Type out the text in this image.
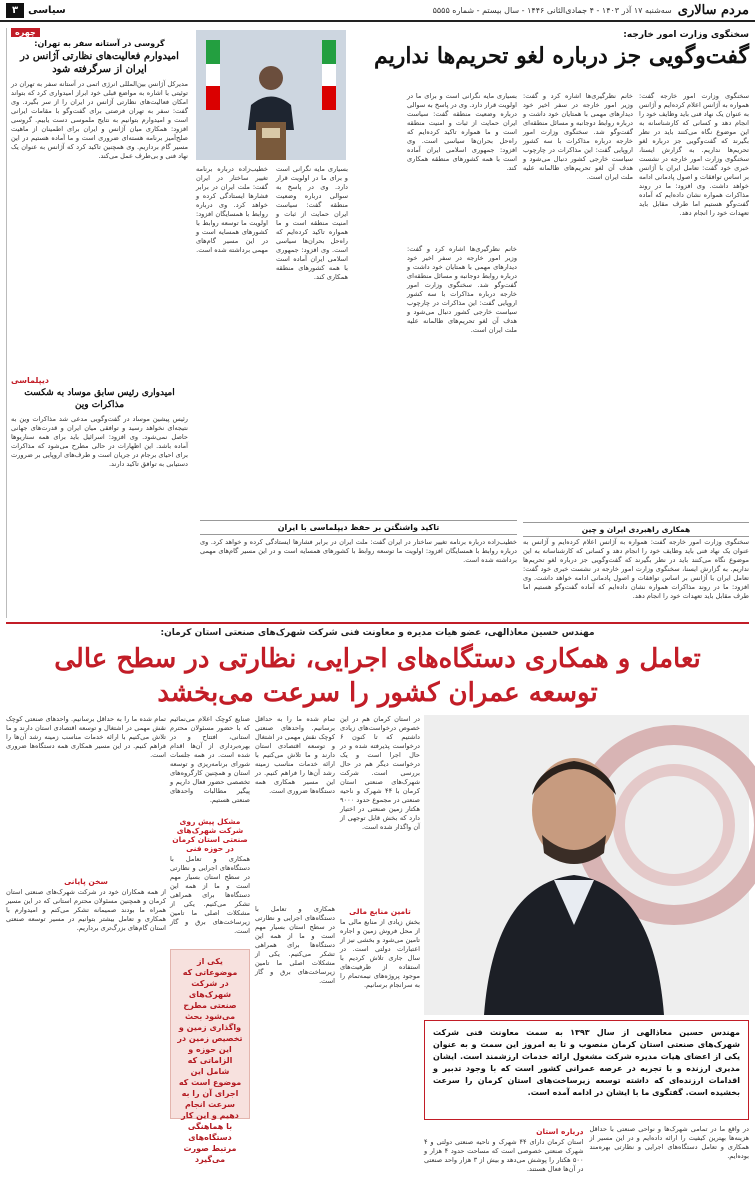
مردم سالاری
سه‌شنبه ۱۷ آذر ۱۴۰۳ - ۴ جمادی‌الثانی ۱۴۴۶ - سال بیستم - شماره ۵۵۵۵
سیاسی
۳
سخنگوی وزارت امور خارجه:
گفت‌وگویی جز درباره لغو تحریم‌ها نداریم
سخنگوی وزارت امور خارجه گفت: همواره به آژانس اعلام کرده‌ایم و آژانس به عنوان یک نهاد فنی باید وظایف خود را انجام دهد و کسانی که کارشناسانه به این موضوع نگاه می‌کنند باید در نظر بگیرند که گفت‌وگویی جز درباره لغو تحریم‌ها نداریم. به گزارش ایسنا، سخنگوی وزارت امور خارجه در نشست خبری خود گفت: تعامل ایران با آژانس بر اساس توافقات و اصول پادمانی ادامه خواهد داشت. وی افزود: ما در روند مذاکرات همواره نشان داده‌ایم که آماده گفت‌وگو هستیم اما طرف مقابل باید تعهدات خود را انجام دهد.
خانم نظرگیری‌ها اشاره کرد و گفت: وزیر امور خارجه در سفر اخیر خود دیدارهای مهمی با همتایان خود داشت و درباره روابط دوجانبه و مسائل منطقه‌ای گفت‌وگو شد. سخنگوی وزارت امور خارجه درباره مذاکرات با سه کشور اروپایی گفت: این مذاکرات در چارچوب سیاست خارجی کشور دنبال می‌شود و هدف آن لغو تحریم‌های ظالمانه علیه ملت ایران است.
بسیاری مایه نگرانی است و برای ما در اولویت قرار دارد. وی در پاسخ به سوالی درباره وضعیت منطقه گفت: سیاست ایران حمایت از ثبات و امنیت منطقه است و ما همواره تاکید کرده‌ایم که راه‌حل بحران‌ها سیاسی است. وی افزود: جمهوری اسلامی ایران آماده است با همه کشورهای منطقه همکاری کند.
خطیب‌زاده درباره برنامه تغییر ساختار در ایران گفت: ملت ایران در برابر فشارها ایستادگی کرده و خواهد کرد. وی درباره روابط با همسایگان افزود: اولویت ما توسعه روابط با کشورهای همسایه است و در این مسیر گام‌های مهمی برداشته شده است.
بسیاری مایه نگرانی است و برای ما در اولویت قرار دارد. وی در پاسخ به سوالی درباره وضعیت منطقه گفت: سیاست ایران حمایت از ثبات و امنیت منطقه است و ما همواره تاکید کرده‌ایم که راه‌حل بحران‌ها سیاسی است. وی افزود: جمهوری اسلامی ایران آماده است با همه کشورهای منطقه همکاری کند.
خانم نظرگیری‌ها اشاره کرد و گفت: وزیر امور خارجه در سفر اخیر خود دیدارهای مهمی با همتایان خود داشت و درباره روابط دوجانبه و مسائل منطقه‌ای گفت‌وگو شد. سخنگوی وزارت امور خارجه درباره مذاکرات با سه کشور اروپایی گفت: این مذاکرات در چارچوب سیاست خارجی کشور دنبال می‌شود و هدف آن لغو تحریم‌های ظالمانه علیه ملت ایران است.
تاکید واشنگتن بر حفظ دیپلماسی با ایران	همکاری راهبردی ایران و چین
سخنگوی وزارت امور خارجه گفت: همواره به آژانس اعلام کرده‌ایم و آژانس به عنوان یک نهاد فنی باید وظایف خود را انجام دهد و کسانی که کارشناسانه به این موضوع نگاه می‌کنند باید در نظر بگیرند که گفت‌وگویی جز درباره لغو تحریم‌ها نداریم. به گزارش ایسنا، سخنگوی وزارت امور خارجه در نشست خبری خود گفت: تعامل ایران با آژانس بر اساس توافقات و اصول پادمانی ادامه خواهد داشت. وی افزود: ما در روند مذاکرات همواره نشان داده‌ایم که آماده گفت‌وگو هستیم اما طرف مقابل باید تعهدات خود را انجام دهد.
خطیب‌زاده درباره برنامه تغییر ساختار در ایران گفت: ملت ایران در برابر فشارها ایستادگی کرده و خواهد کرد. وی درباره روابط با همسایگان افزود: اولویت ما توسعه روابط با کشورهای همسایه است و در این مسیر گام‌های مهمی برداشته شده است.
چهره
گروسی در آستانه سفر به تهران:
امیدوارم فعالیت‌های نظارتی آژانس در ایران از سرگرفته شود
مدیرکل آژانس بین‌المللی انرژی اتمی در آستانه سفر به تهران در توئیتی با اشاره به مواضع قبلی خود ابراز امیدواری کرد که بتواند امکان فعالیت‌های نظارتی آژانس در ایران را از سر بگیرد. وی گفت: سفر به تهران فرصتی برای گفت‌وگو با مقامات ایرانی است و امیدوارم بتوانیم به نتایج ملموسی دست یابیم. گروسی افزود: همکاری میان آژانس و ایران برای اطمینان از ماهیت صلح‌آمیز برنامه هسته‌ای ضروری است و ما آماده هستیم در این مسیر گام برداریم. وی همچنین تاکید کرد که آژانس به عنوان یک نهاد فنی و بی‌طرف عمل می‌کند.
دیپلماسی
امیدواری رئیس سابق موساد به شکست مذاکرات وین
رئیس پیشین موساد در گفت‌وگویی مدعی شد مذاکرات وین به نتیجه‌ای نخواهد رسید و توافقی میان ایران و قدرت‌های جهانی حاصل نمی‌شود. وی افزود: اسرائیل باید برای همه سناریوها آماده باشد. این اظهارات در حالی مطرح می‌شود که مذاکرات برای احیای برجام در جریان است و طرف‌های اروپایی بر ضرورت دستیابی به توافق تاکید دارند.
مهندس حسین معاذالهی، عضو هیات مدیره و معاونت فنی شرکت شهرک‌های صنعتی استان کرمان:
تعامل و همکاری دستگاه‌های اجرایی، نظارتی در سطح عالی
توسعه عمران کشور را سرعت می‌بخشد
مهندس حسین معاذالهی از سال ۱۳۹۳ به سمت معاونت فنی شرکت شهرک‌های صنعتی استان کرمان منصوب و تا به امروز این سمت و به عنوان یکی از اعضای هیات مدیره شرکت مشغول ارائه خدمات ارزشمند است. ایشان مدیری ارزنده و با تجربه در عرصه عمرانی کشور است که با وجود تدبیر و اقدامات ارزنده‌ای که داشته توسعه زیرساخت‌های استان کرمان را سرعت بخشیده است. گفتگوی ما با ایشان در ادامه آمده است.
در واقع ما در تمامی شهرک‌ها و نواحی صنعتی با حداقل هزینه‌ها بهترین کیفیت را ارائه داده‌ایم و در این مسیر از همکاری و تعامل دستگاه‌های اجرایی و نظارتی بهره‌مند بوده‌ایم.
درباره استان
استان کرمان دارای ۴۴ شهرک و ناحیه صنعتی دولتی و ۴ شهرک صنعتی خصوصی است که مساحت حدود ۴ هزار و ۵۰۰ هکتار را پوشش می‌دهد و بیش از ۳ هزار واحد صنعتی در آن‌ها فعال هستند.
در استان کرمان هم در این خصوص درخواست‌های زیادی داشتیم که تا کنون ۶ درخواست پذیرفته شده و در حال اجرا است و یک درخواست دیگر هم در حال بررسی است. شرکت شهرک‌های صنعتی استان کرمان با ۴۴ شهرک و ناحیه صنعتی در مجموع حدود ۹۰۰۰ هکتار زمین صنعتی در اختیار دارد که بخش قابل توجهی از آن واگذار شده است.
تامین منابع مالی
بخش زیادی از منابع مالی ما از محل فروش زمین و اجاره تامین می‌شود و بخشی نیز از اعتبارات دولتی است. در سال جاری تلاش کردیم با استفاده از ظرفیت‌های موجود پروژه‌های نیمه‌تمام را به سرانجام برسانیم.
تمام شده ما را به حداقل برسانیم. واحدهای صنعتی کوچک نقش مهمی در اشتغال و توسعه اقتصادی استان دارند و ما تلاش می‌کنیم با ارائه خدمات مناسب زمینه رشد آن‌ها را فراهم کنیم. در این مسیر همکاری همه دستگاه‌ها ضروری است.
همکاری و تعامل با دستگاه‌های اجرایی و نظارتی در سطح استان بسیار مهم است و ما از همه این دستگاه‌ها برای همراهی تشکر می‌کنیم. یکی از مشکلات اصلی ما تامین زیرساخت‌های برق و گاز است.
صنایع کوچک اعلام می‌نمائیم که با حضور مسئولان محترم استانی، افتتاح و در بهره‌برداری از آن‌ها اقدام شده است. در همه جلسات شورای برنامه‌ریزی و توسعه استان و همچنین کارگروه‌های تخصصی حضور فعال داریم و پیگیر مطالبات واحدهای صنعتی هستیم.
مشکل پیش روی شرکت شهرک‌های صنعتی استان کرمان در حوزه فنی
همکاری و تعامل با دستگاه‌های اجرایی و نظارتی در سطح استان بسیار مهم است و ما از همه این دستگاه‌ها برای همراهی تشکر می‌کنیم. یکی از مشکلات اصلی ما تامین زیرساخت‌های برق و گاز است.
یکی از موضوعاتی که در شرکت شهرک‌های صنعتی مطرح می‌شود بحث واگذاری زمین و تخصیص زمین در این حوزه و الزاماتی که شامل این موضوع است که اجرای آن را به سرعت انجام دهیم و این کار با هماهنگی دستگاه‌های مرتبط صورت می‌گیرد
تمام شده ما را به حداقل برسانیم. واحدهای صنعتی کوچک نقش مهمی در اشتغال و توسعه اقتصادی استان دارند و ما تلاش می‌کنیم با ارائه خدمات مناسب زمینه رشد آن‌ها را فراهم کنیم. در این مسیر همکاری همه دستگاه‌ها ضروری است.
سخن پایانی
از همه همکاران خود در شرکت شهرک‌های صنعتی استان کرمان و همچنین مسئولان محترم استانی که در این مسیر همراه ما بودند صمیمانه تشکر می‌کنم و امیدوارم با همکاری و تعامل بیشتر بتوانیم در مسیر توسعه صنعتی استان گام‌های بزرگ‌تری برداریم.
